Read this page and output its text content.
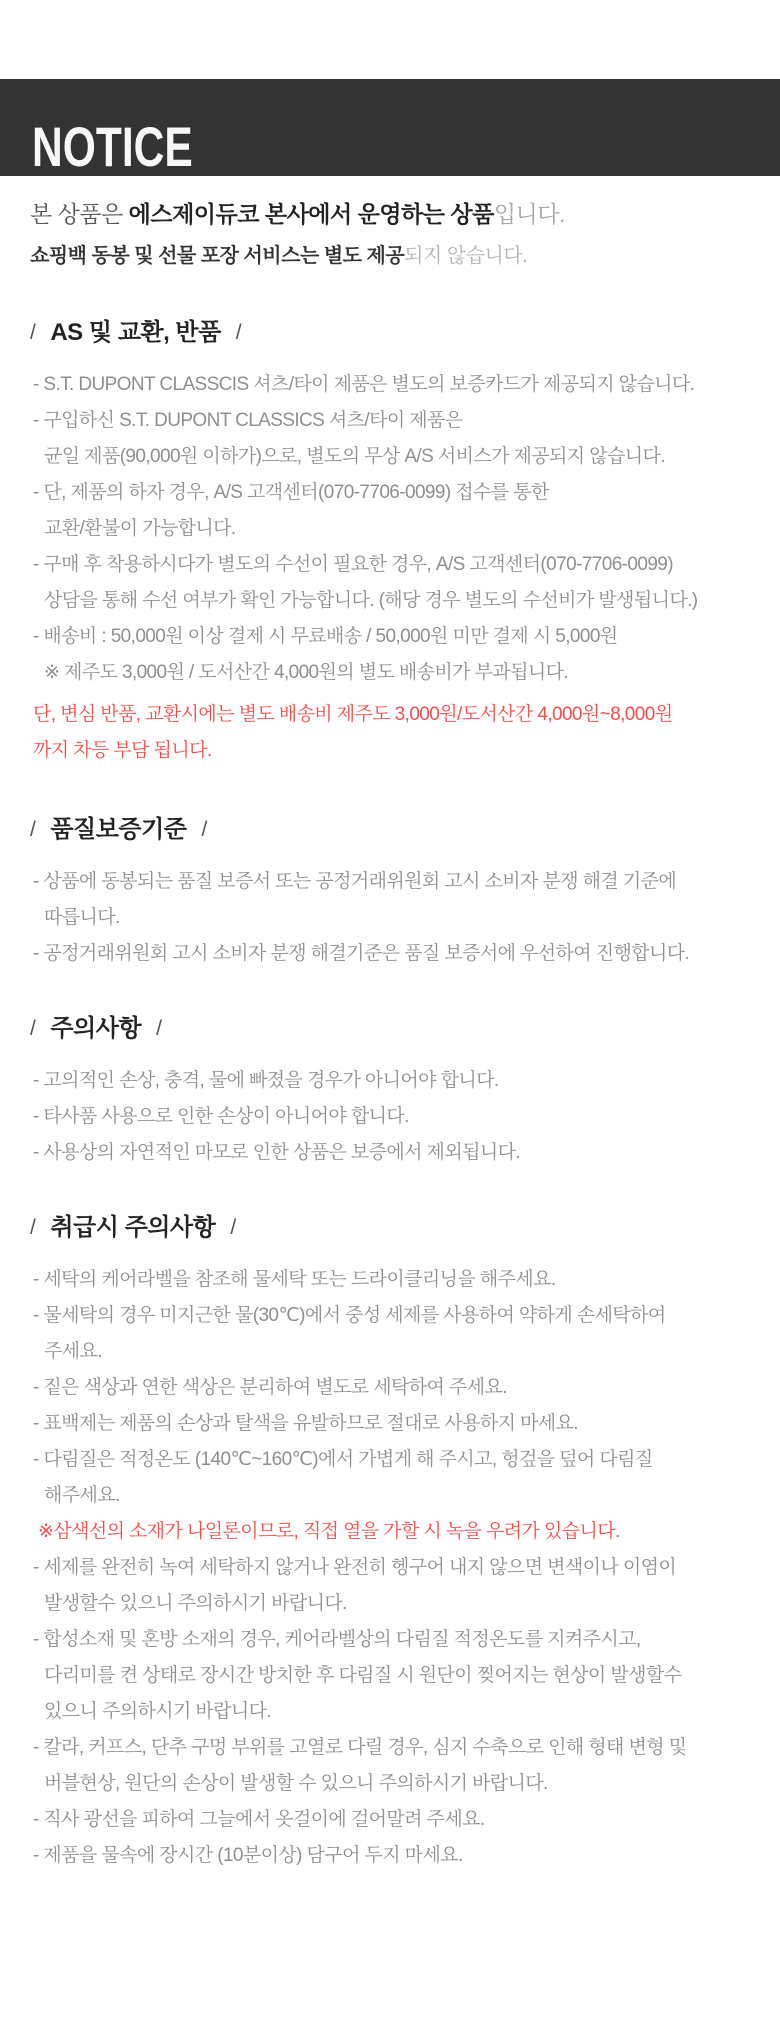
NOTICE
본 상품은 에스제이듀코 본사에서 운영하는 상품입니다.
쇼핑백 동봉 및 선물 포장 서비스는 별도 제공되지 않습니다.
/ AS 및 교환, 반품 /
- S.T. DUPONT CLASSCIS 셔츠/타이 제품은 별도의 보증카드가 제공되지 않습니다.
- 구입하신 S.T. DUPONT CLASSICS 셔츠/타이 제품은
균일 제품(90,000원 이하가)으로, 별도의 무상 A/S 서비스가 제공되지 않습니다.
- 단, 제품의 하자 경우, A/S 고객센터(070-7706-0099) 접수를 통한
교환/환불이 가능합니다.
- 구매 후 착용하시다가 별도의 수선이 필요한 경우, A/S 고객센터(070-7706-0099)
상담을 통해 수선 여부가 확인 가능합니다. (해당 경우 별도의 수선비가 발생됩니다.)
- 배송비 : 50,000원 이상 결제 시 무료배송 / 50,000원 미만 결제 시 5,000원
※ 제주도 3,000원 / 도서산간 4,000원의 별도 배송비가 부과됩니다.
단, 변심 반품, 교환시에는 별도 배송비 제주도 3,000원/도서산간 4,000원~8,000원
까지 차등 부담 됩니다.
/ 품질보증기준 /
- 상품에 동봉되는 품질 보증서 또는 공정거래위원회 고시 소비자 분쟁 해결 기준에
따릅니다.
- 공정거래위원회 고시 소비자 분쟁 해결기준은 품질 보증서에 우선하여 진행합니다.
/ 주의사항 /
- 고의적인 손상, 충격, 물에 빠졌을 경우가 아니어야 합니다.
- 타사품 사용으로 인한 손상이 아니어야 합니다.
- 사용상의 자연적인 마모로 인한 상품은 보증에서 제외됩니다.
/ 취급시 주의사항 /
- 세탁의 케어라벨을 참조해 물세탁 또는 드라이클리닝을 해주세요.
- 물세탁의 경우 미지근한 물(30℃)에서 중성 세제를 사용하여 약하게 손세탁하여
주세요.
- 짙은 색상과 연한 색상은 분리하여 별도로 세탁하여 주세요.
- 표백제는 제품의 손상과 탈색을 유발하므로 절대로 사용하지 마세요.
- 다림질은 적정온도 (140℃~160℃)에서 가볍게 해 주시고, 헝겊을 덮어 다림질
해주세요.
※삼색선의 소재가 나일론이므로, 직접 열을 가할 시 녹을 우려가 있습니다.
- 세제를 완전히 녹여 세탁하지 않거나 완전히 헹구어 내지 않으면 변색이나 이염이
발생할수 있으니 주의하시기 바랍니다.
- 합성소재 및 혼방 소재의 경우, 케어라벨상의 다림질 적정온도를 지켜주시고,
다리미를 켠 상태로 장시간 방치한 후 다림질 시 원단이 찢어지는 현상이 발생할수
있으니 주의하시기 바랍니다.
- 칼라, 커프스, 단추 구멍 부위를 고열로 다릴 경우, 심지 수축으로 인해 형태 변형 및
버블현상, 원단의 손상이 발생할 수 있으니 주의하시기 바랍니다.
- 직사 광선을 피하여 그늘에서 옷걸이에 걸어말려 주세요.
- 제품을 물속에 장시간 (10분이상) 담구어 두지 마세요.
